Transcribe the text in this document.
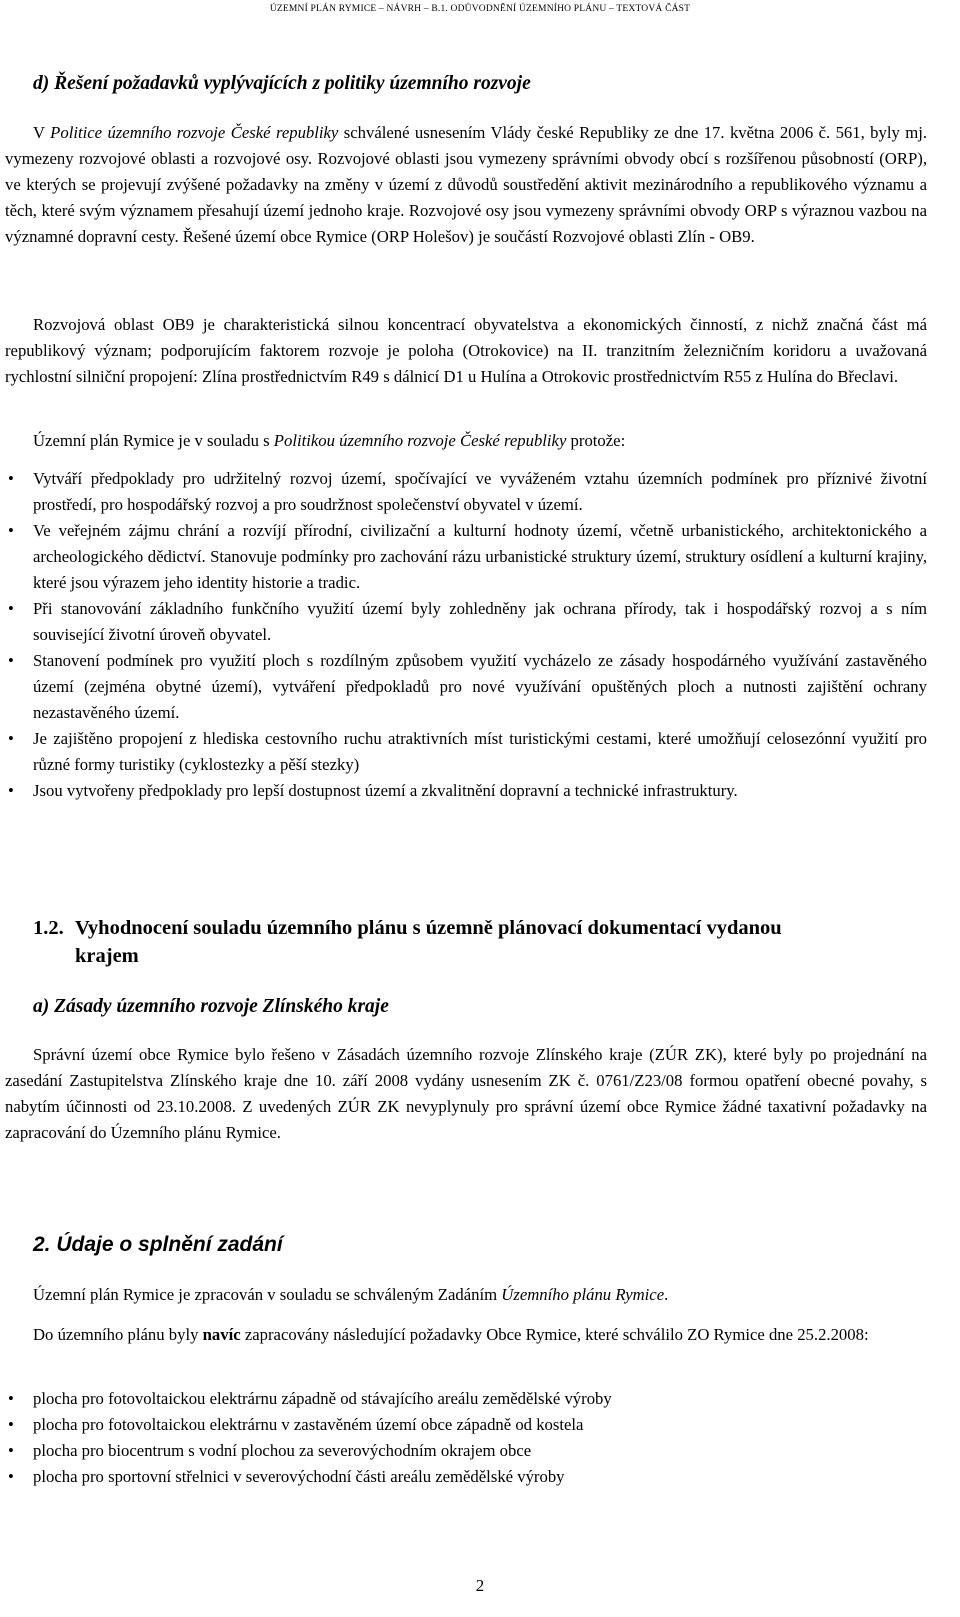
ÚZEMNÍ PLÁN RYMICE – NÁVRH – B.1. ODŮVODNĚNÍ ÚZEMNÍHO PLÁNU – TEXTOVÁ ČÁST
d) Řešení požadavků vyplývajících z politiky územního rozvoje
V Politice územního rozvoje České republiky schválené usnesením Vlády české Republiky ze dne 17. května 2006 č. 561, byly mj. vymezeny rozvojové oblasti a rozvojové osy. Rozvojové oblasti jsou vymezeny správními obvody obcí s rozšířenou působností (ORP), ve kterých se projevují zvýšené požadavky na změny v území z důvodů soustředění aktivit mezinárodního a republikového významu a těch, které svým významem přesahují území jednoho kraje. Rozvojové osy jsou vymezeny správními obvody ORP s výraznou vazbou na významné dopravní cesty. Řešené území obce Rymice (ORP Holešov) je součástí Rozvojové oblasti Zlín - OB9.
Rozvojová oblast OB9 je charakteristická silnou koncentrací obyvatelstva a ekonomických činností, z nichž značná část má republikový význam; podporujícím faktorem rozvoje je poloha (Otrokovice) na II. tranzitním železničním koridoru a uvažovaná rychlostní silniční propojení: Zlína prostřednictvím R49 s dálnicí D1 u Hulína a Otrokovic prostřednictvím R55 z Hulína do Břeclavi.
Územní plán Rymice je v souladu s Politikou územního rozvoje České republiky protože:
• Vytváří předpoklady pro udržitelný rozvoj území, spočívající ve vyváženém vztahu územních podmínek pro příznivé životní prostředí, pro hospodářský rozvoj a pro soudržnost společenství obyvatel v území.
• Ve veřejném zájmu chrání a rozvíjí přírodní, civilizační a kulturní hodnoty území, včetně urbanistického, architektonického a archeologického dědictví. Stanovuje podmínky pro zachování rázu urbanistické struktury území, struktury osídlení a kulturní krajiny, které jsou výrazem jeho identity historie a tradic.
• Při stanovování základního funkčního využití území byly zohledněny jak ochrana přírody, tak i hospodářský rozvoj a s ním související životní úroveň obyvatel.
• Stanovení podmínek pro využití ploch s rozdílným způsobem využití vycházelo ze zásady hospodárného využívání zastavěného území (zejména obytné území), vytváření předpokladů pro nové využívání opuštěných ploch a nutnosti zajištění ochrany nezastavěného území.
• Je zajištěno propojení z hlediska cestovního ruchu atraktivních míst turistickými cestami, které umožňují celosezónní využití pro různé formy turistiky (cyklostezky a pěší stezky)
• Jsou vytvořeny předpoklady pro lepší dostupnost území a zkvalitnění dopravní a technické infrastruktury.
1.2. Vyhodnocení souladu územního plánu s územně plánovací dokumentací vydanou
krajem
a) Zásady územního rozvoje Zlínského kraje
Správní území obce Rymice bylo řešeno v Zásadách územního rozvoje Zlínského kraje (ZÚR ZK), které byly po projednání na zasedání Zastupitelstva Zlínského kraje dne 10. září 2008 vydány usnesením ZK č. 0761/Z23/08 formou opatření obecné povahy, s nabytím účinnosti od 23.10.2008. Z uvedených ZÚR ZK nevyplynuly pro správní území obce Rymice žádné taxativní požadavky na zapracování do Územního plánu Rymice.
2. Údaje o splnění zadání
Územní plán Rymice je zpracován v souladu se schváleným Zadáním Územního plánu Rymice.
Do územního plánu byly navíc zapracovány následující požadavky Obce Rymice, které schválilo ZO Rymice dne 25.2.2008:
• plocha pro fotovoltaickou elektrárnu západně od stávajícího areálu zemědělské výroby
• plocha pro fotovoltaickou elektrárnu v zastavěném území obce západně od kostela
• plocha pro biocentrum s vodní plochou za severovýchodním okrajem obce
• plocha pro sportovní střelnici v severovýchodní části areálu zemědělské výroby
2
